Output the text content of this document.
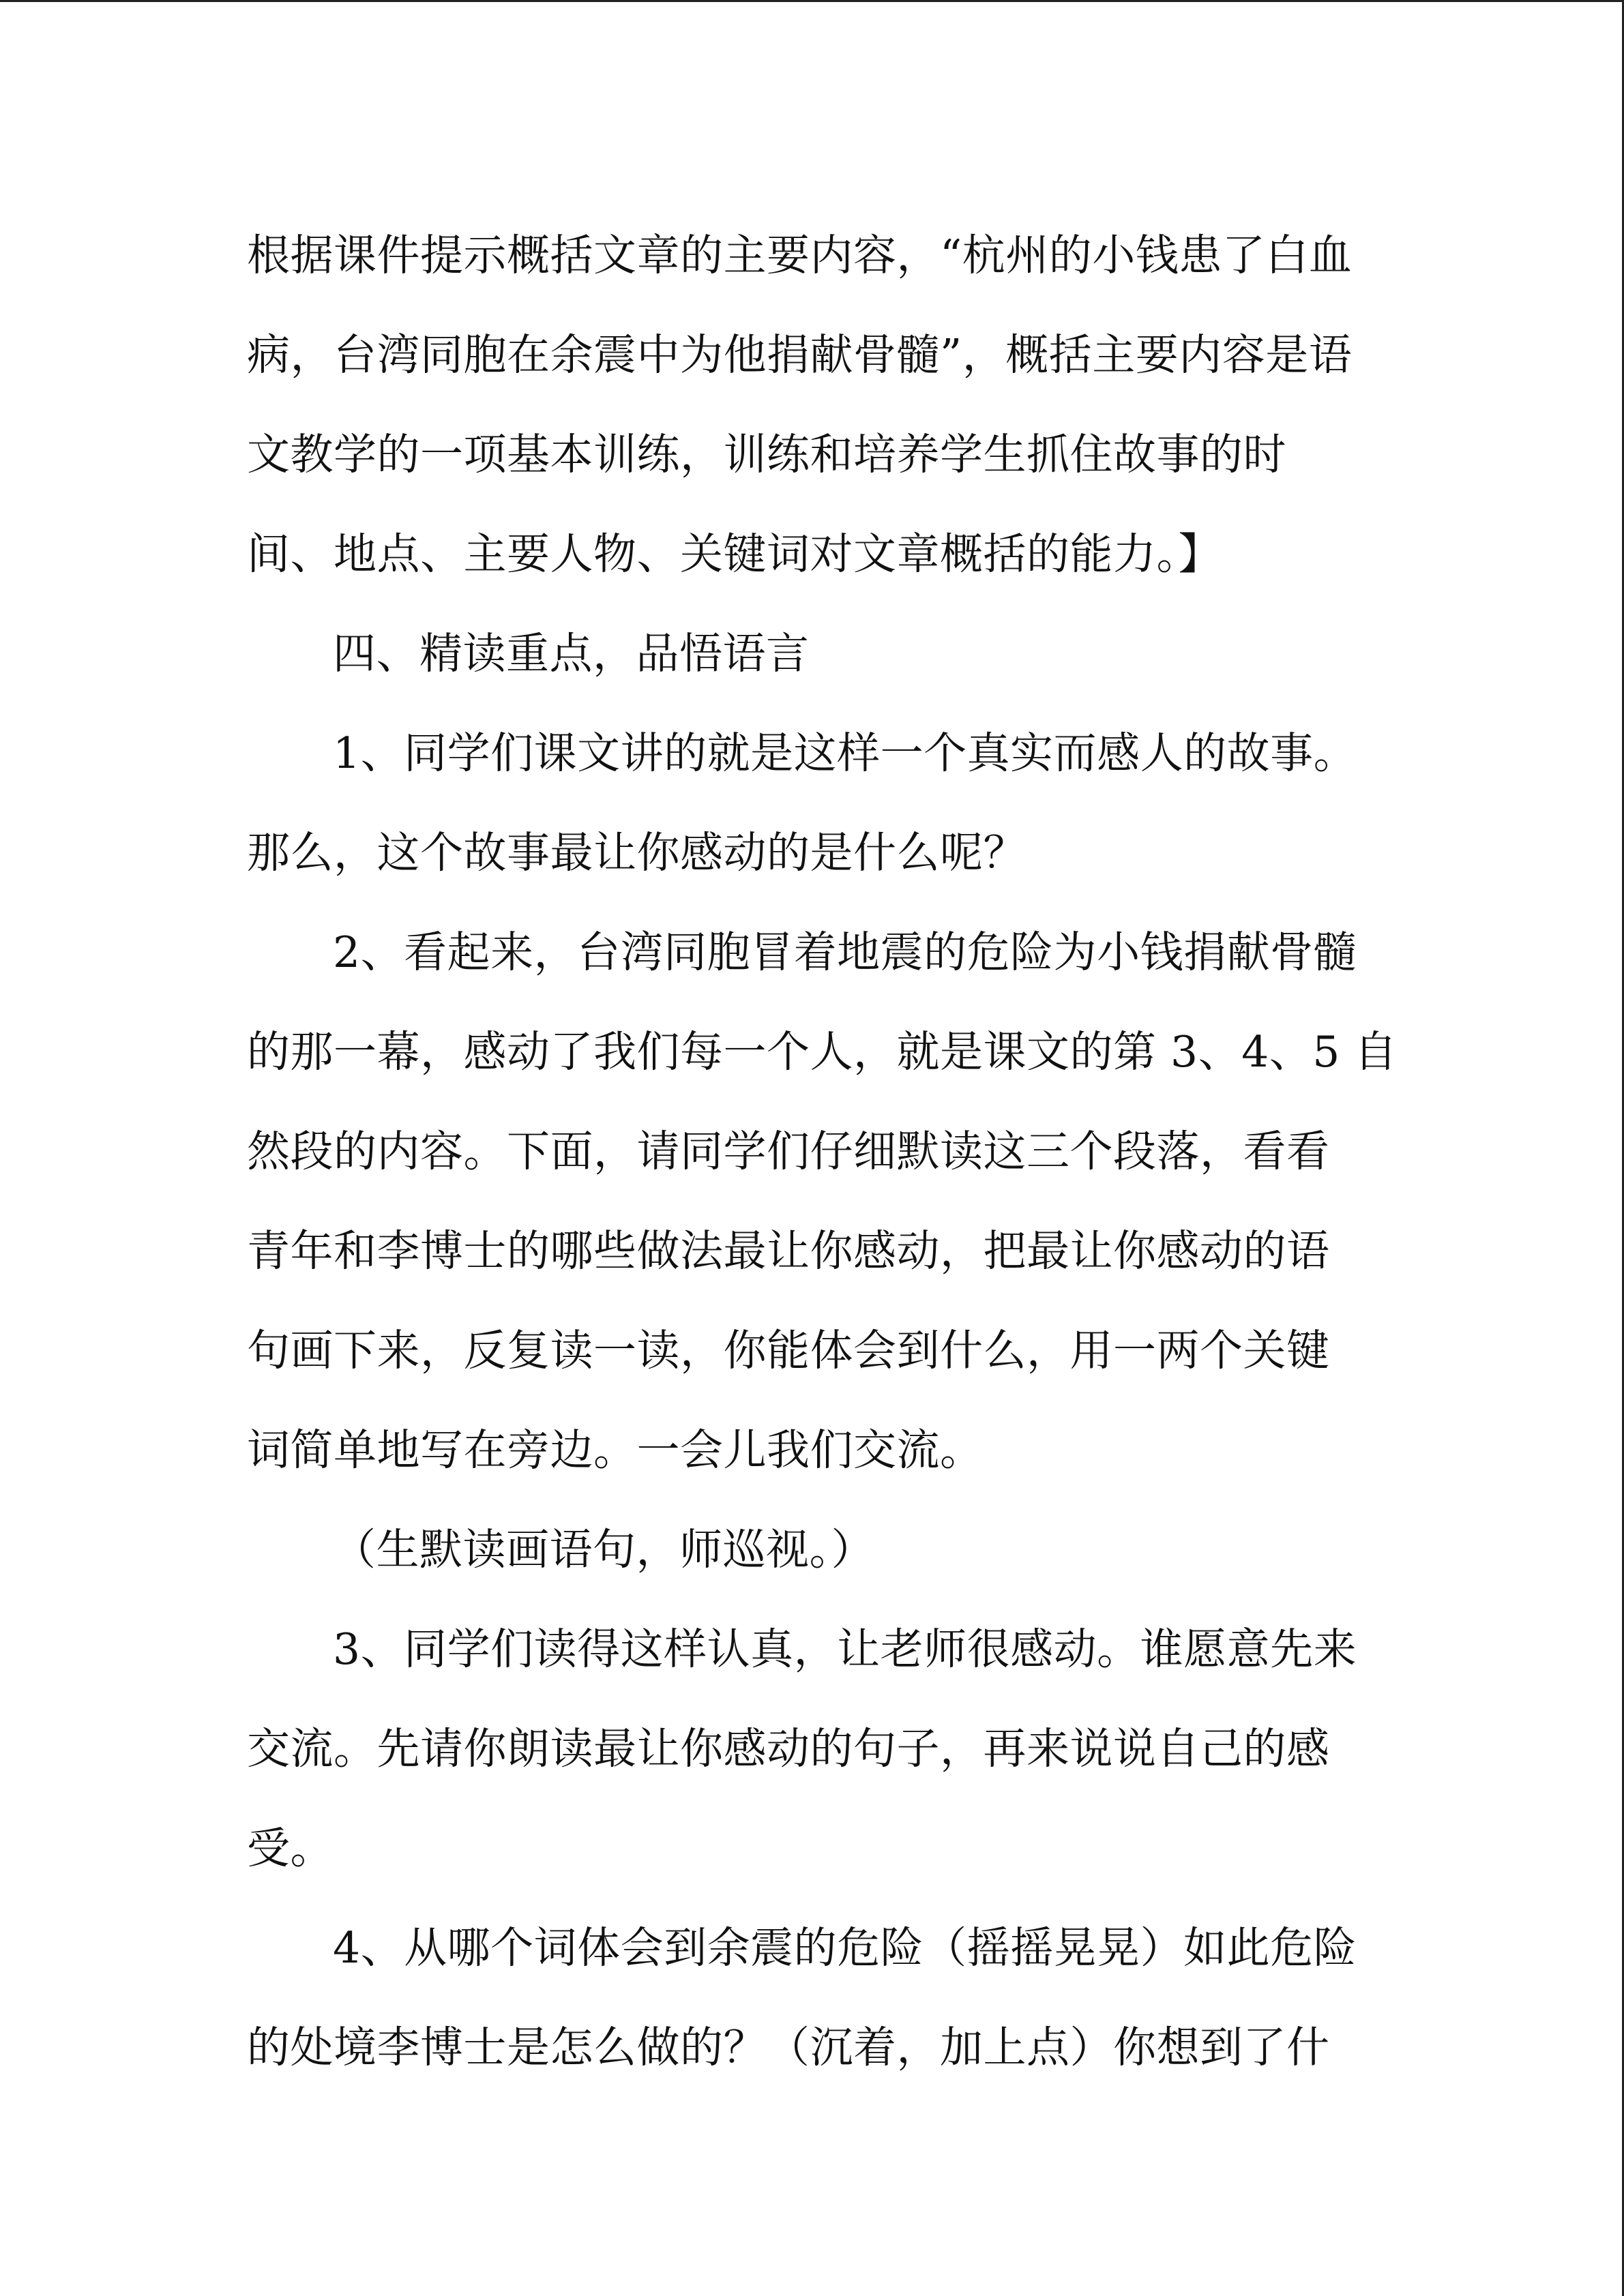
根据课件提示概括文章的主要内容，“杭州的小钱患了白血
病，台湾同胞在余震中为他捐献骨髓”，概括主要内容是语
文教学的一项基本训练，训练和培养学生抓住故事的时
间、地点、主要人物、关键词对文章概括的能力。】
四、精读重点，品悟语言
1、同学们课文讲的就是这样一个真实而感人的故事。
那么，这个故事最让你感动的是什么呢？
2、看起来，台湾同胞冒着地震的危险为小钱捐献骨髓
的那一幕，感动了我们每一个人，就是课文的第 3、4、5 自
然段的内容。下面，请同学们仔细默读这三个段落，看看
青年和李博士的哪些做法最让你感动，把最让你感动的语
句画下来，反复读一读，你能体会到什么，用一两个关键
词简单地写在旁边。一会儿我们交流。
（生默读画语句，师巡视。）
3、同学们读得这样认真，让老师很感动。谁愿意先来
交流。先请你朗读最让你感动的句子，再来说说自己的感
受。
4、从哪个词体会到余震的危险（摇摇晃晃）如此危险
的处境李博士是怎么做的？（沉着，加上点）你想到了什
